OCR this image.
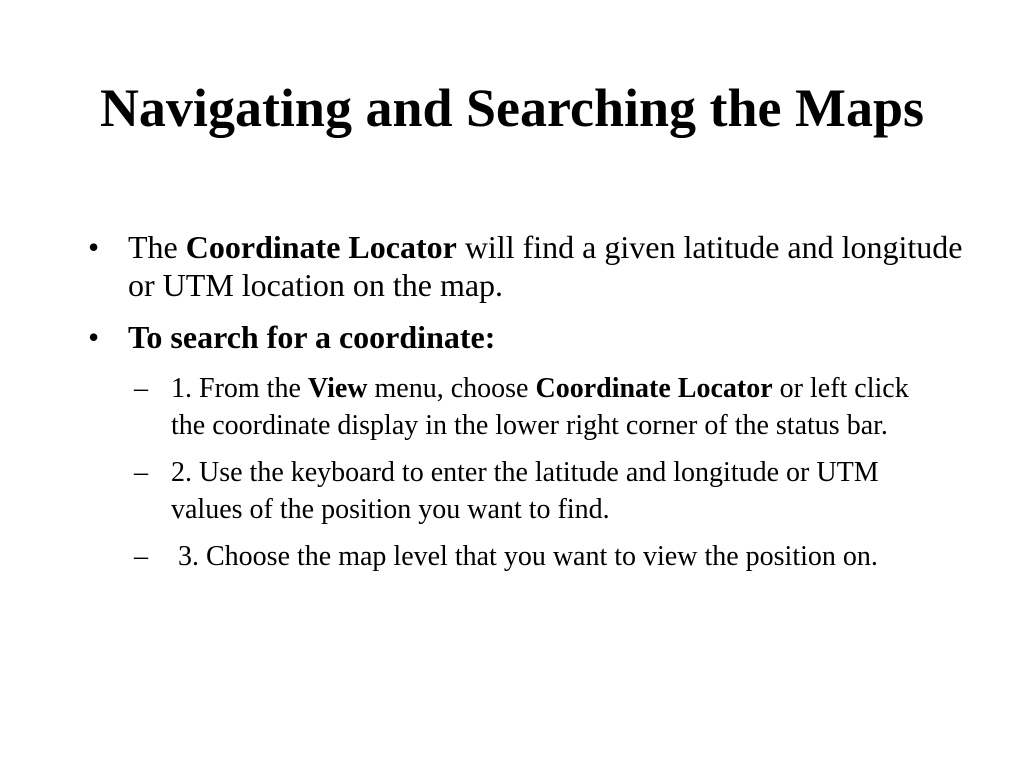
Navigating and Searching the Maps
• The Coordinate Locator will find a given latitude and longitude or UTM location on the map.
• To search for a coordinate:
– 1. From the View menu, choose Coordinate Locator or left click the coordinate display in the lower right corner of the status bar.
– 2. Use the keyboard to enter the latitude and longitude or UTM values of the position you want to find.
– 3. Choose the map level that you want to view the position on.
